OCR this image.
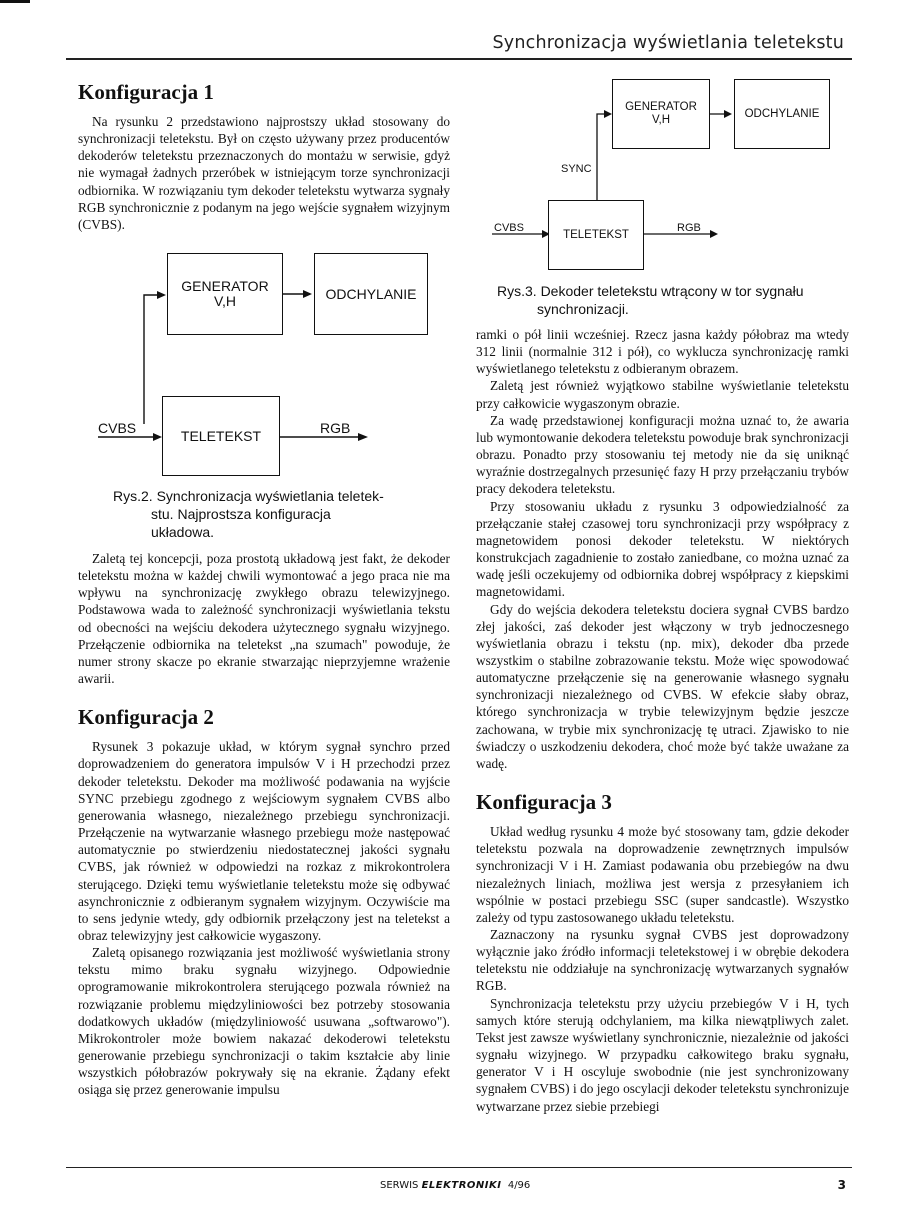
Synchronizacja wyświetlania teletekstu
Konfiguracja 1

Na rysunku 2 przedstawiono najprostszy układ stosowany do synchronizacji teletekstu. Był on często używany przez producentów dekoderów teletekstu przeznaczonych do montażu w serwisie, gdyż nie wymagał żadnych przeróbek w istniejącym torze synchronizacji odbiornika. W rozwiązaniu tym dekoder teletekstu wytwarza sygnały RGB synchronicznie z podanym na jego wejście sygnałem wizyjnym (CVBS).

GENERATOR
V,H	ODCHYLANIE
TELETEKST
CVBS	RGB
Rys.2. Synchronizacja wyświetlania teletek-
stu. Najprostsza konfiguracja
układowa.

Zaletą tej koncepcji, poza prostotą układową jest fakt, że dekoder teletekstu można w każdej chwili wymontować a jego praca nie ma wpływu na synchronizację zwykłego obrazu telewizyjnego. Podstawowa wada to zależność synchronizacji wyświetlania tekstu od obecności na wejściu dekodera użytecznego sygnału wizyjnego. Przełączenie odbiornika na teletekst „na szumach" powoduje, że numer strony skacze po ekranie stwarzając nieprzyjemne wrażenie awarii.

Konfiguracja 2

Rysunek 3 pokazuje układ, w którym sygnał synchro przed doprowadzeniem do generatora impulsów V i H przechodzi przez dekoder teletekstu. Dekoder ma możliwość podawania na wyjście SYNC przebiegu zgodnego z wejściowym sygnałem CVBS albo generowania własnego, niezależnego przebiegu synchronizacji. Przełączenie na wytwarzanie własnego przebiegu może następować automatycznie po stwierdzeniu niedostatecznej jakości sygnału CVBS, jak również w odpowiedzi na rozkaz z mikrokontrolera sterującego. Dzięki temu wyświetlanie teletekstu może się odbywać asynchronicznie z odbieranym sygnałem wizyjnym. Oczywiście ma to sens jedynie wtedy, gdy odbiornik przełączony jest na teletekst a obraz telewizyjny jest całkowicie wygaszony.

Zaletą opisanego rozwiązania jest możliwość wyświetlania strony tekstu mimo braku sygnału wizyjnego. Odpowiednie oprogramowanie mikrokontrolera sterującego pozwala również na rozwiązanie problemu międzyliniowości bez potrzeby stosowania dodatkowych układów (międzyliniowość usuwana „softwarowo"). Mikrokontroler może bowiem nakazać dekoderowi teletekstu generowanie przebiegu synchronizacji o takim kształcie aby linie wszystkich półobrazów pokrywały się na ekranie. Żądany efekt osiąga się przez generowanie impulsu

GENERATOR
V,H
ODCHYLANIE
TELETEKST
SYNC
CVBS	RGB
Rys.3. Dekoder teletekstu wtrącony w tor sygnału
synchronizacji.

ramki o pół linii wcześniej. Rzecz jasna każdy półobraz ma wtedy 312 linii (normalnie 312 i pół), co wyklucza synchronizację ramki wyświetlanego teletekstu z odbieranym obrazem.

Zaletą jest również wyjątkowo stabilne wyświetlanie teletekstu przy całkowicie wygaszonym obrazie.

Za wadę przedstawionej konfiguracji można uznać to, że awaria lub wymontowanie dekodera teletekstu powoduje brak synchronizacji obrazu. Ponadto przy stosowaniu tej metody nie da się uniknąć wyraźnie dostrzegalnych przesunięć fazy H przy przełączaniu trybów pracy dekodera teletekstu.

Przy stosowaniu układu z rysunku 3 odpowiedzialność za przełączanie stałej czasowej toru synchronizacji przy współpracy z magnetowidem ponosi dekoder teletekstu. W niektórych konstrukcjach zagadnienie to zostało zaniedbane, co można uznać za wadę jeśli oczekujemy od odbiornika dobrej współpracy z kiepskimi magnetowidami.

Gdy do wejścia dekodera teletekstu dociera sygnał CVBS bardzo złej jakości, zaś dekoder jest włączony w tryb jednoczesnego wyświetlania obrazu i tekstu (np. mix), dekoder dba przede wszystkim o stabilne zobrazowanie tekstu. Może więc spowodować automatyczne przełączenie się na generowanie własnego sygnału synchronizacji niezależnego od CVBS. W efekcie słaby obraz, którego synchronizacja w trybie telewizyjnym będzie jeszcze zachowana, w trybie mix synchronizację tę utraci. Zjawisko to nie świadczy o uszkodzeniu dekodera, choć może być także uważane za wadę.

Konfiguracja 3

Układ według rysunku 4 może być stosowany tam, gdzie dekoder teletekstu pozwala na doprowadzenie zewnętrznych impulsów synchronizacji V i H. Zamiast podawania obu przebiegów na dwu niezależnych liniach, możliwa jest wersja z przesyłaniem ich wspólnie w postaci przebiegu SSC (super sandcastle). Wszystko zależy od typu zastosowanego układu teletekstu.

Zaznaczony na rysunku sygnał CVBS jest doprowadzony wyłącznie jako źródło informacji teletekstowej i w obrębie dekodera teletekstu nie oddziałuje na synchronizację wytwarzanych sygnałów RGB.

Synchronizacja teletekstu przy użyciu przebiegów V i H, tych samych które sterują odchylaniem, ma kilka niewątpliwych zalet. Tekst jest zawsze wyświetlany synchronicznie, niezależnie od jakości sygnału wizyjnego. W przypadku całkowitego braku sygnału, generator V i H oscyluje swobodnie (nie jest synchronizowany sygnałem CVBS) i do jego oscylacji dekoder teletekstu synchronizuje wytwarzane przez siebie przebiegi

SERWIS ELEKTRONIKI 4/96	3
